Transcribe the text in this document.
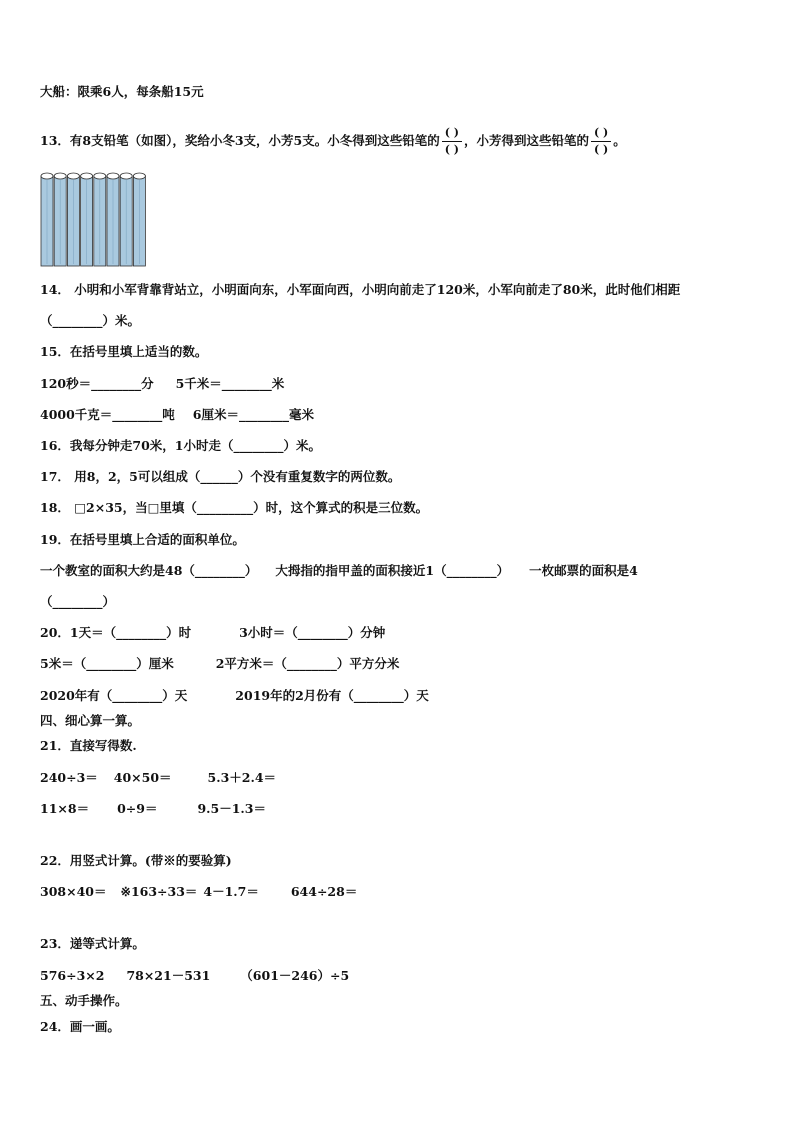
大船：限乘6人，每条船15元
13．有8支铅笔（如图），奖给小冬3支，小芳5支。小冬得到这些铅笔的 $\frac{( )}{( )}$ ，小芳得到这些铅笔的 $\frac{( )}{( )}$ 。
14． 小明和小军背靠背站立，小明面向东，小军面向西，小明向前走了120米，小军向前走了80米，此时他们相距
（________）米。
15．在括号里填上适当的数。
120秒＝________分 5千米＝________米
4000千克＝________吨 6厘米＝________毫米
16．我每分钟走70米，1小时走（________）米。
17． 用8，2，5可以组成（______）个没有重复数字的两位数。
18． □2×35，当□里填（_________）时，这个算式的积是三位数。
19．在括号里填上合适的面积单位。
一个教室的面积大约是48（________） 大拇指的指甲盖的面积接近1（________） 一枚邮票的面积是4
（________）
20．1天＝（________）时	3小时＝（________）分钟
5米＝（________）厘米	2平方米＝（________）平方分米
2020年有（________）天	2019年的2月份有（________）天
四、细心算一算。
21．直接写得数.
240÷3＝ 40×50＝	5.3＋2.4＝
11×8＝ 0÷9＝	9.5－1.3＝
22．用竖式计算。(带※的要验算)
308×40＝ ※163÷33＝ 4－1.7＝	644÷28＝
23．递等式计算。
576÷3×2 78×21－531 （601－246）÷5
五、动手操作。
24．画一画。
